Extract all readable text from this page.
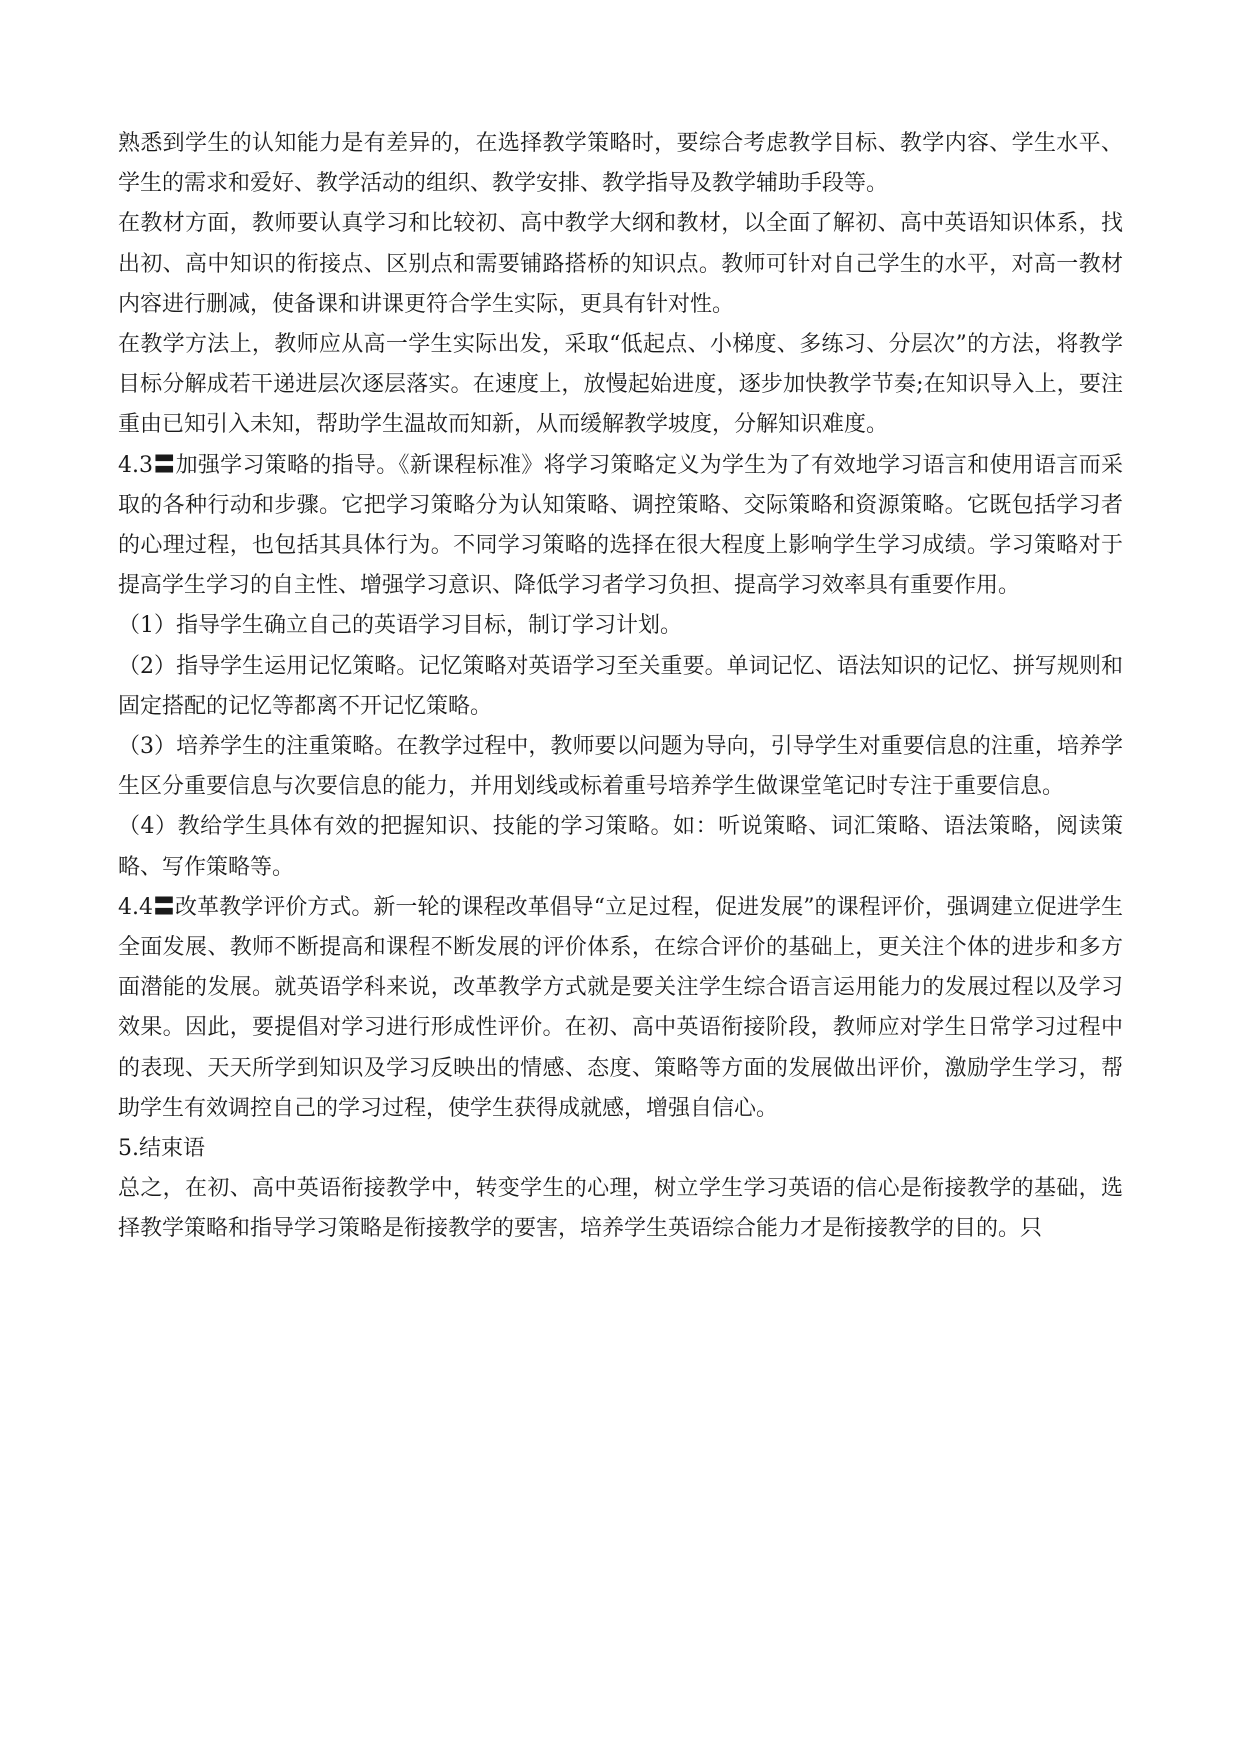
熟悉到学生的认知能力是有差异的，在选择教学策略时，要综合考虑教学目标、教学内容、学生水平、学生的需求和爱好、教学活动的组织、教学安排、教学指导及教学辅助手段等。

在教材方面，教师要认真学习和比较初、高中教学大纲和教材，以全面了解初、高中英语知识体系，找出初、高中知识的衔接点、区别点和需要铺路搭桥的知识点。教师可针对自己学生的水平，对高一教材内容进行删减，使备课和讲课更符合学生实际，更具有针对性。

在教学方法上，教师应从高一学生实际出发，采取“低起点、小梯度、多练习、分层次”的方法，将教学目标分解成若干递进层次逐层落实。在速度上，放慢起始进度，逐步加快教学节奏;在知识导入上，要注重由已知引入未知，帮助学生温故而知新，从而缓解教学坡度，分解知识难度。

4.3〓加强学习策略的指导。《新课程标准》将学习策略定义为学生为了有效地学习语言和使用语言而采取的各种行动和步骤。它把学习策略分为认知策略、调控策略、交际策略和资源策略。它既包括学习者的心理过程，也包括其具体行为。不同学习策略的选择在很大程度上影响学生学习成绩。学习策略对于提高学生学习的自主性、增强学习意识、降低学习者学习负担、提高学习效率具有重要作用。

（1）指导学生确立自己的英语学习目标，制订学习计划。

（2）指导学生运用记忆策略。记忆策略对英语学习至关重要。单词记忆、语法知识的记忆、拼写规则和固定搭配的记忆等都离不开记忆策略。

（3）培养学生的注重策略。在教学过程中，教师要以问题为导向，引导学生对重要信息的注重，培养学生区分重要信息与次要信息的能力，并用划线或标着重号培养学生做课堂笔记时专注于重要信息。

（4）教给学生具体有效的把握知识、技能的学习策略。如：听说策略、词汇策略、语法策略，阅读策略、写作策略等。

4.4〓改革教学评价方式。新一轮的课程改革倡导“立足过程，促进发展”的课程评价，强调建立促进学生全面发展、教师不断提高和课程不断发展的评价体系，在综合评价的基础上，更关注个体的进步和多方面潜能的发展。就英语学科来说，改革教学方式就是要关注学生综合语言运用能力的发展过程以及学习效果。因此，要提倡对学习进行形成性评价。在初、高中英语衔接阶段，教师应对学生日常学习过程中的表现、天天所学到知识及学习反映出的情感、态度、策略等方面的发展做出评价，激励学生学习，帮助学生有效调控自己的学习过程，使学生获得成就感，增强自信心。

5.结束语

总之，在初、高中英语衔接教学中，转变学生的心理，树立学生学习英语的信心是衔接教学的基础，选择教学策略和指导学习策略是衔接教学的要害，培养学生英语综合能力才是衔接教学的目的。只
